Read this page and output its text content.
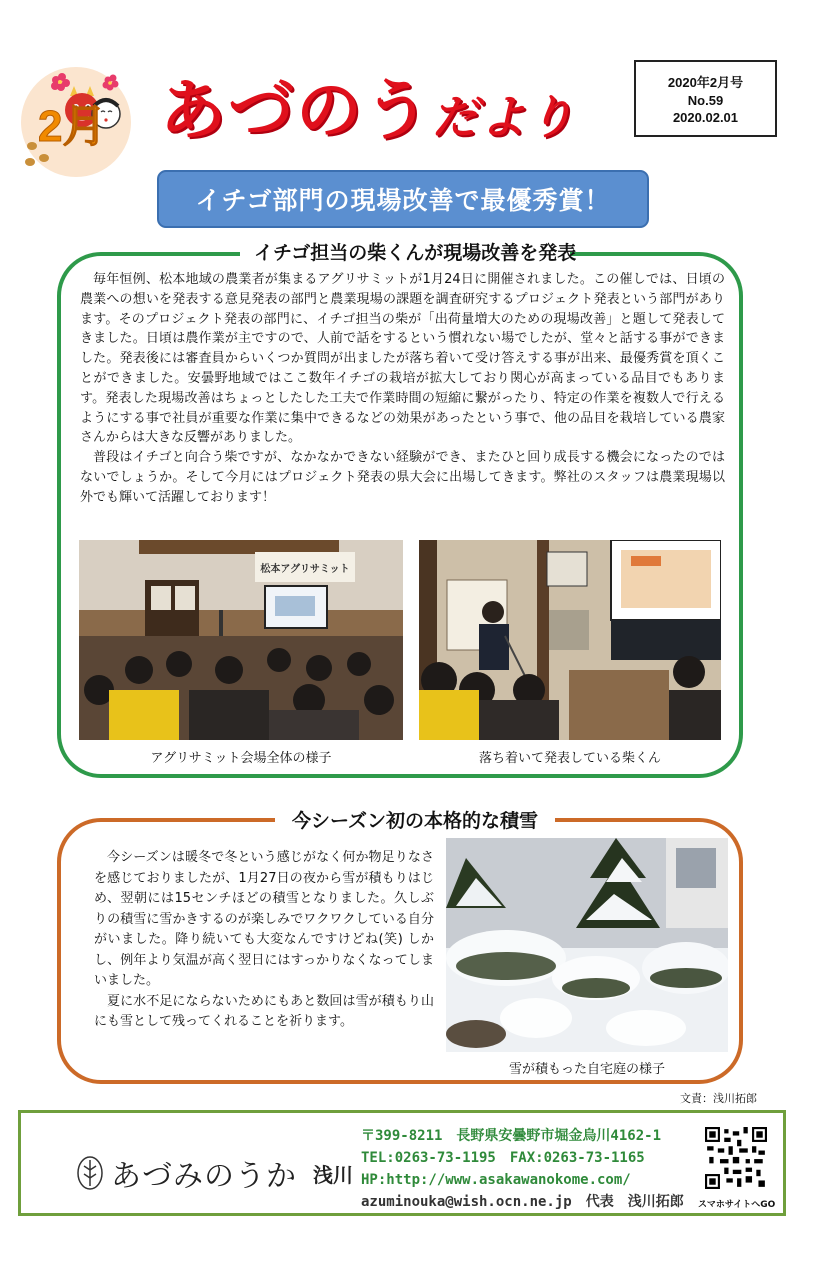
2月 あづのうだより
2020年2月号
No.59
2020.02.01
イチゴ部門の現場改善で最優秀賞！
イチゴ担当の柴くんが現場改善を発表

毎年恒例、松本地域の農業者が集まるアグリサミットが1月24日に開催されました。この催しでは、日頃の農業への想いを発表する意見発表の部門と農業現場の課題を調査研究するプロジェクト発表という部門があります。そのプロジェクト発表の部門に、イチゴ担当の柴が「出荷量増大のための現場改善」と題して発表してきました。日頃は農作業が主ですので、人前で話をするという慣れない場でしたが、堂々と話する事ができました。発表後には審査員からいくつか質問が出ましたが落ち着いて受け答えする事が出来、最優秀賞を頂くことができました。安曇野地域ではここ数年イチゴの栽培が拡大しており関心が高まっている品目でもあります。発表した現場改善はちょっとしたした工夫で作業時間の短縮に繋がったり、特定の作業を複数人で行えるようにする事で社員が重要な作業に集中できるなどの効果があったという事で、他の品目を栽培している農家さんからは大きな反響がありました。

普段はイチゴと向合う柴ですが、なかなかできない経験ができ、またひと回り成長する機会になったのではないでしょうか。そして今月にはプロジェクト発表の県大会に出場してきます。弊社のスタッフは農業現場以外でも輝いて活躍しております！

松本アグリサミット
アグリサミット会場全体の様子	落ち着いて発表している柴くん
今シーズン初の本格的な積雪

今シーズンは暖冬で冬という感じがなく何か物足りなさを感じておりましたが、1月27日の夜から雪が積もりはじめ、翌朝には15センチほどの積雪となりました。久しぶりの積雪に雪かきするのが楽しみでワクワクしている自分がいました。降り続いても大変なんですけどね(笑) しかし、例年より気温が高く翌日にはすっかりなくなってしまいました。

夏に水不足にならないためにもあと数回は雪が積もり山にも雪として残ってくれることを祈ります。

雪が積もった自宅庭の様子
文責：浅川拓郎
あづみのうか 浅川
〒399-8211　長野県安曇野市堀金烏川4162-1
TEL:0263-73-1195　FAX:0263-73-1165
HP:http://www.asakawanokome.com/
azuminouka@wish.ocn.ne.jp　代表　浅川拓郎 スマホサイトへGO
